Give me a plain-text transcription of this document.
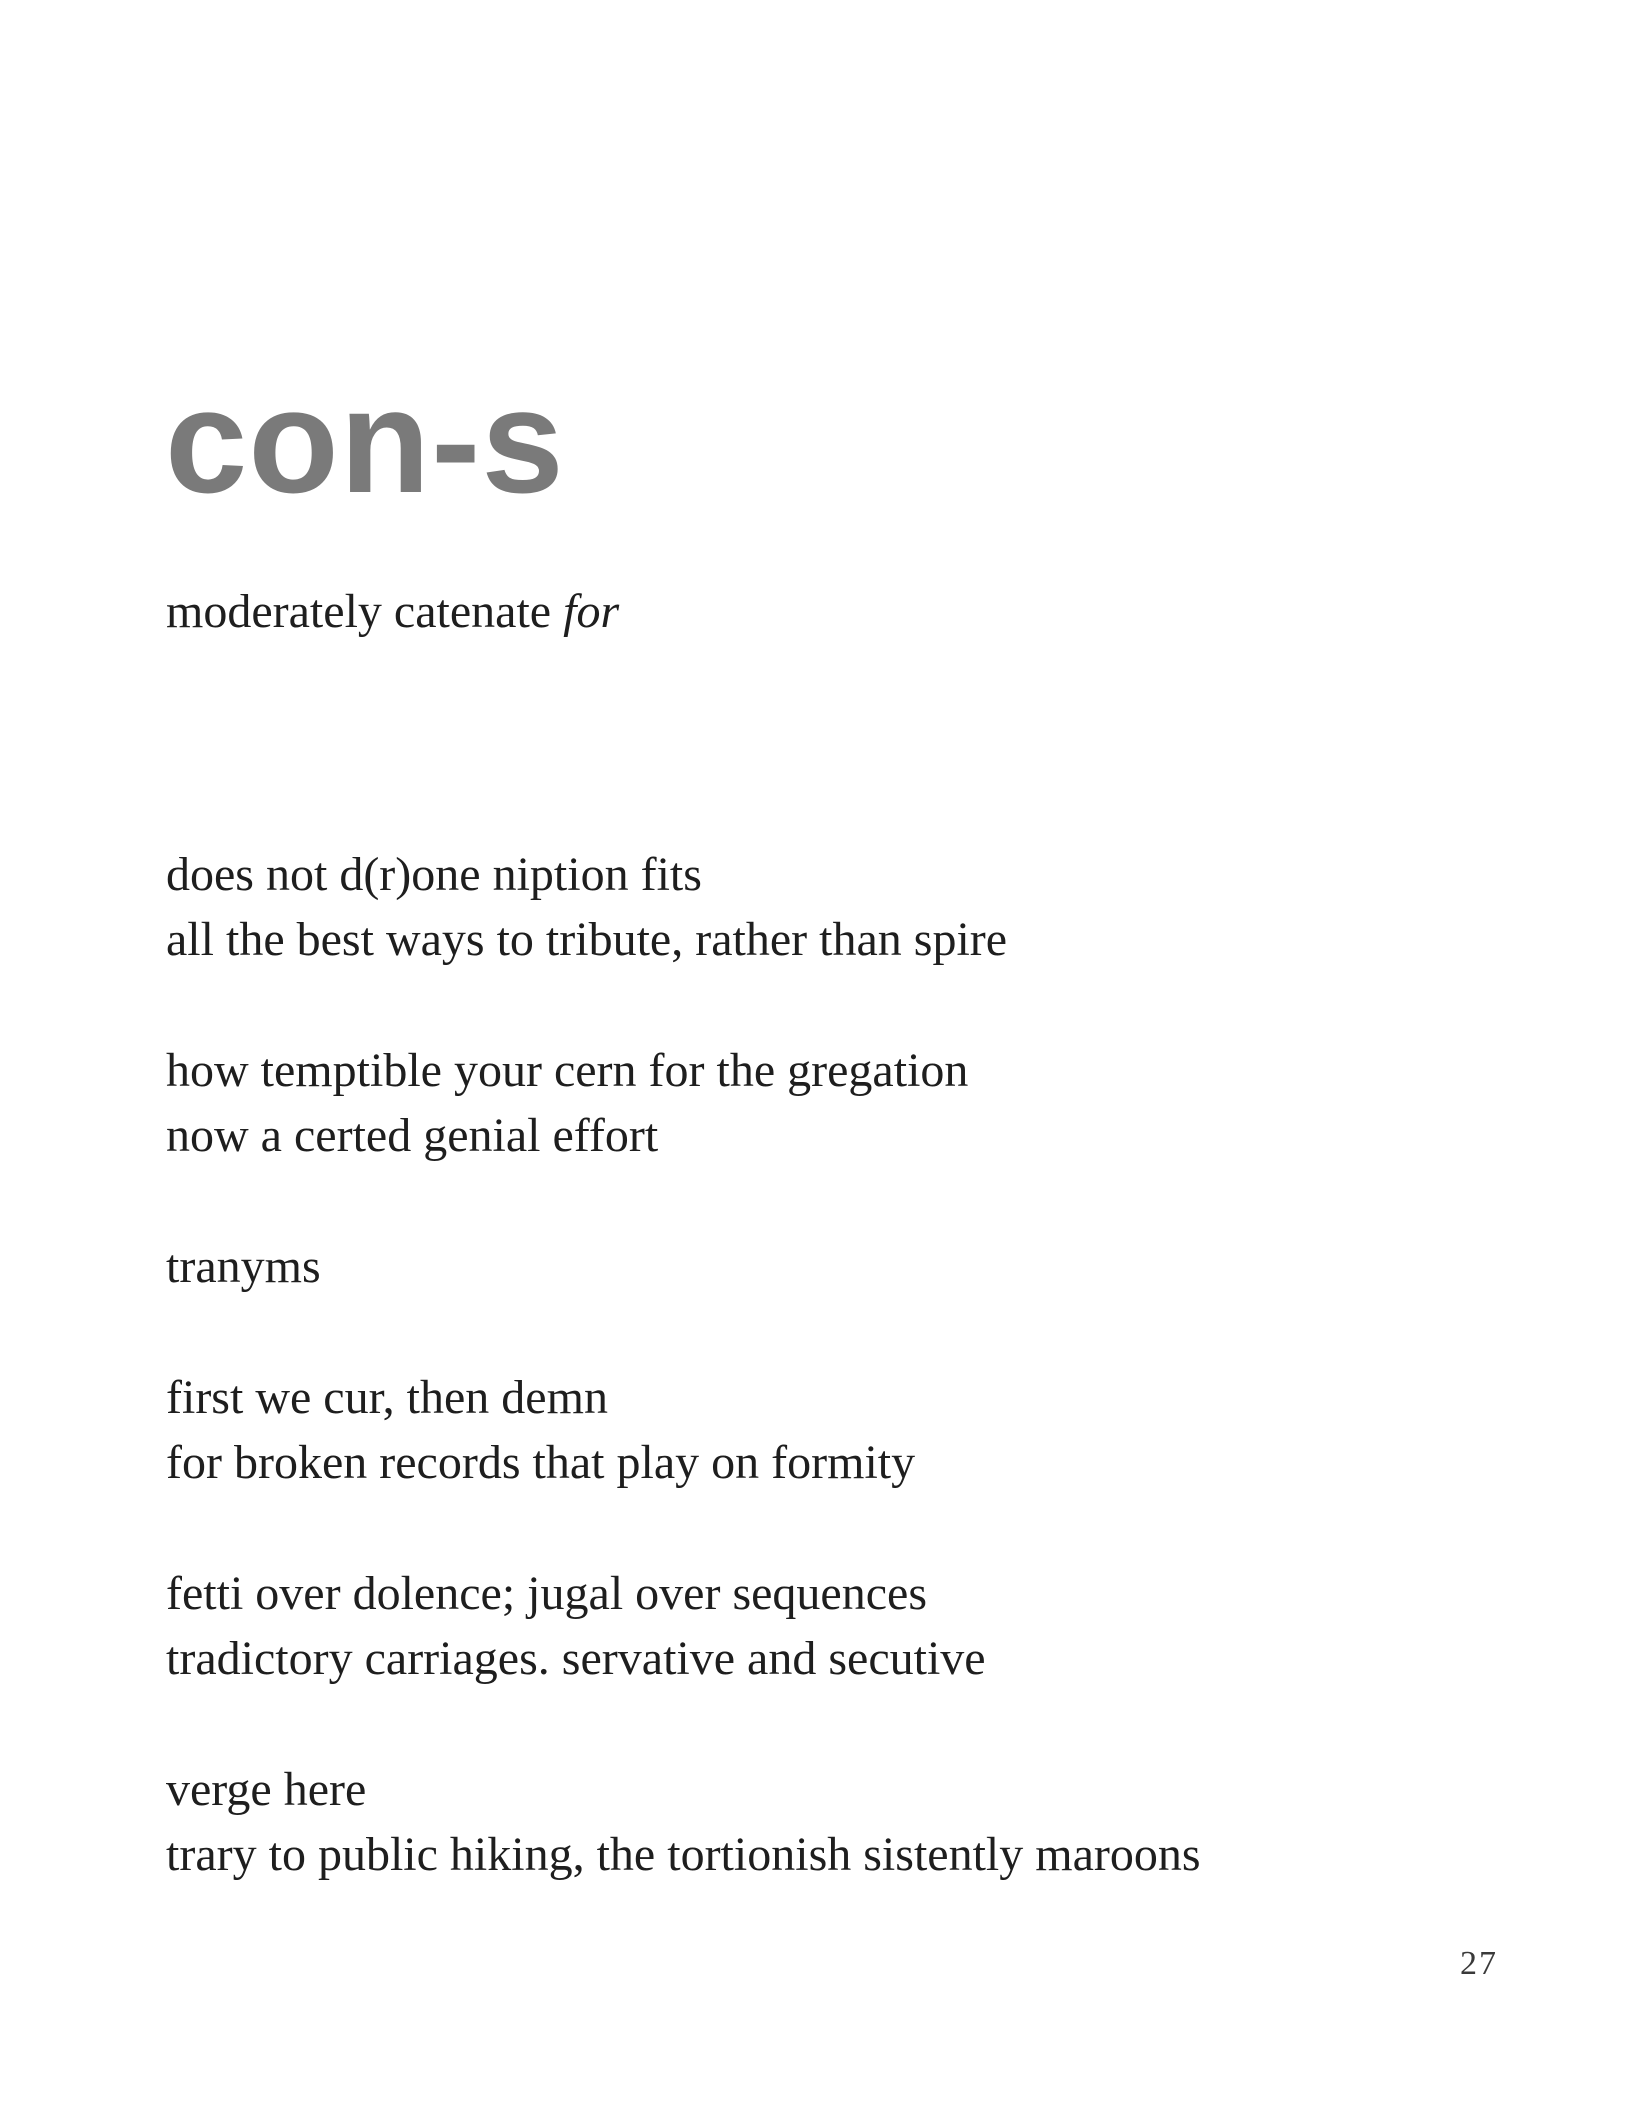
con-s

moderately catenate for

does not d(r)one niption fits
all the best ways to tribute, rather than spire
how temptible your cern for the gregation
now a certed genial effort
tranyms
first we cur, then demn
for broken records that play on formity
fetti over dolence; jugal over sequences
tradictory carriages. servative and secutive
verge here
trary to public hiking, the tortionish sistently maroons
27
